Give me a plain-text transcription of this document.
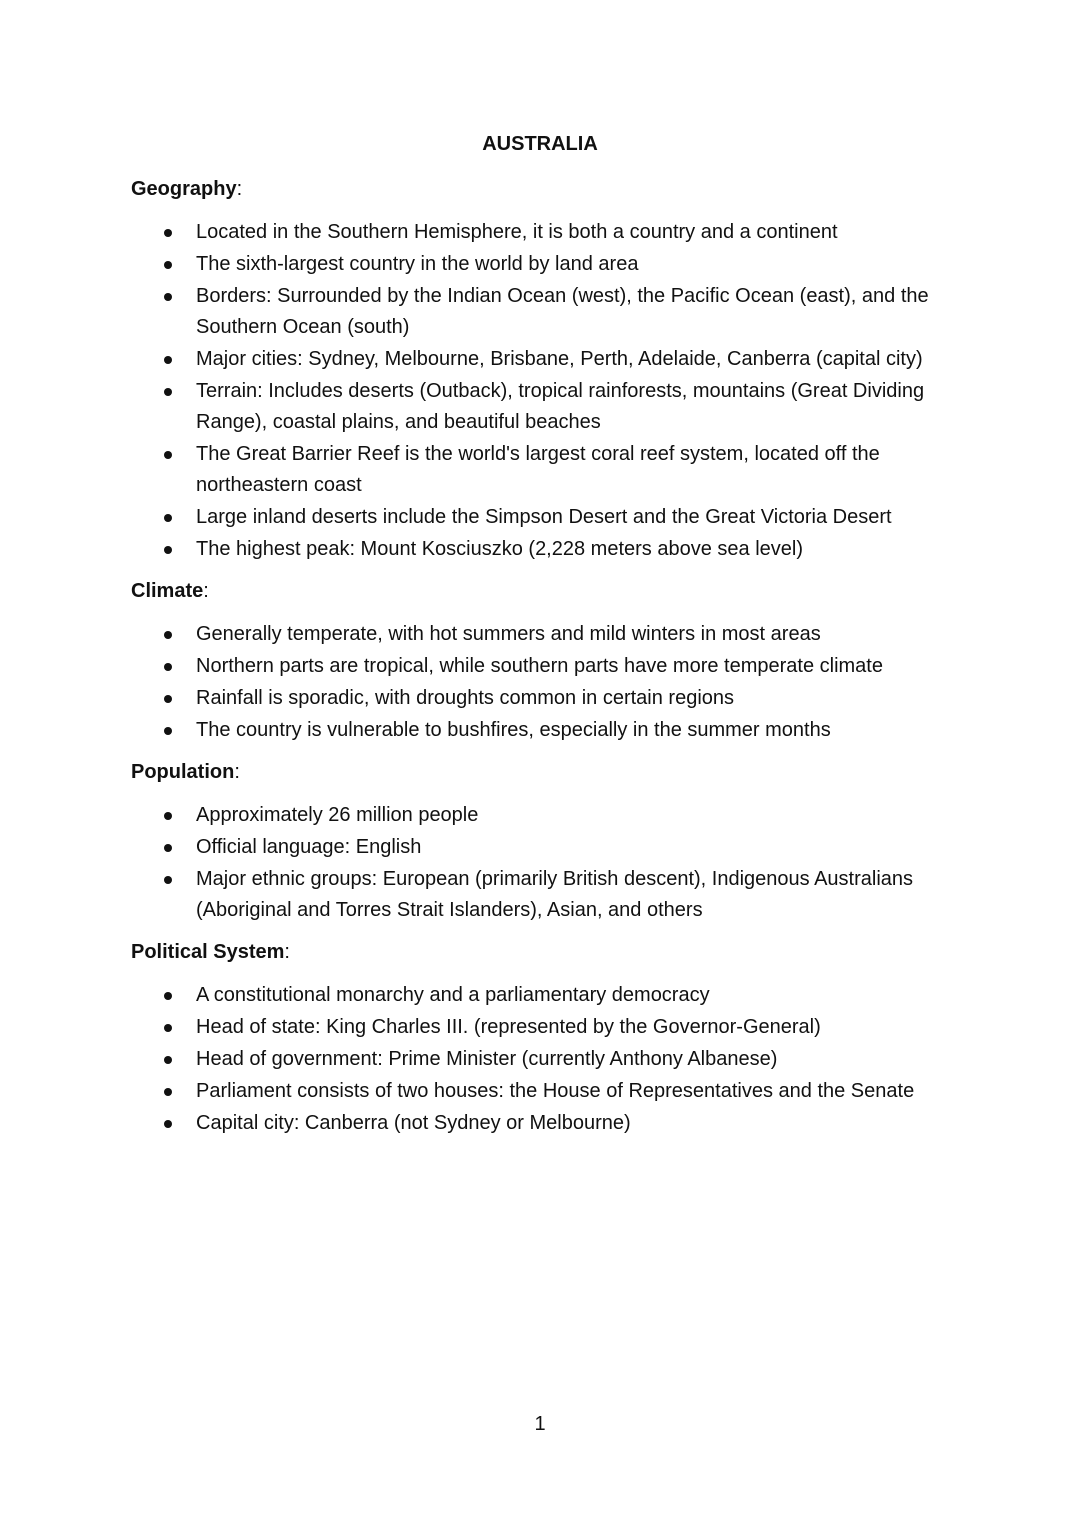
AUSTRALIA

Geography:

Located in the Southern Hemisphere, it is both a country and a continent
The sixth-largest country in the world by land area
Borders: Surrounded by the Indian Ocean (west), the Pacific Ocean (east), and the Southern Ocean (south)
Major cities: Sydney, Melbourne, Brisbane, Perth, Adelaide, Canberra (capital city)
Terrain: Includes deserts (Outback), tropical rainforests, mountains (Great Dividing Range), coastal plains, and beautiful beaches
The Great Barrier Reef is the world's largest coral reef system, located off the northeastern coast
Large inland deserts include the Simpson Desert and the Great Victoria Desert
The highest peak: Mount Kosciuszko (2,228 meters above sea level)

Climate:

Generally temperate, with hot summers and mild winters in most areas
Northern parts are tropical, while southern parts have more temperate climate
Rainfall is sporadic, with droughts common in certain regions
The country is vulnerable to bushfires, especially in the summer months

Population:

Approximately 26 million people
Official language: English
Major ethnic groups: European (primarily British descent), Indigenous Australians (Aboriginal and Torres Strait Islanders), Asian, and others

Political System:

A constitutional monarchy and a parliamentary democracy
Head of state: King Charles III. (represented by the Governor-General)
Head of government: Prime Minister (currently Anthony Albanese)
Parliament consists of two houses: the House of Representatives and the Senate
Capital city: Canberra (not Sydney or Melbourne)
1
